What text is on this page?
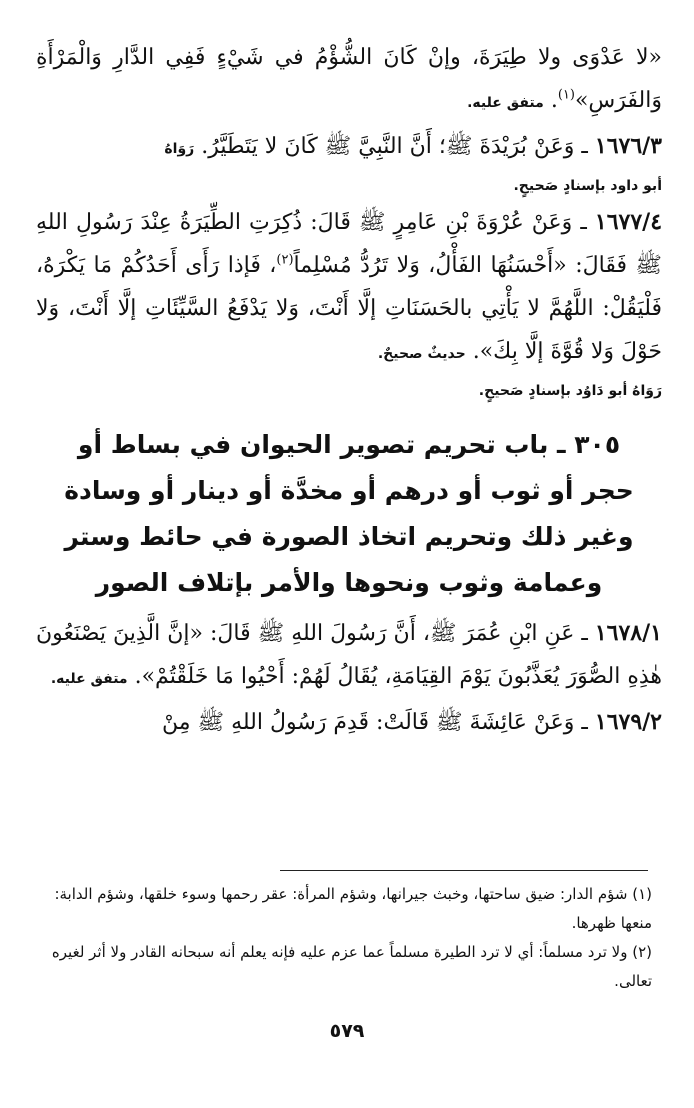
«لا عَدْوَى ولا طِيَرَةَ، وإنْ كَانَ الشُّؤْمُ في شَيْءٍ فَفِي الدَّارِ وَالْمَرْأَةِ وَالفَرَسِ»$^{(١)}$. متفق عليه.

١٦٧٦/٣ ـ وَعَنْ بُرَيْدَةَ ﷺ؛ أَنَّ النَّبِيَّ ﷺ كَانَ لا يَتَطَيَّرُ. رَوَاهُ

أبو داود بإسنادٍ صَحيحٍ.

١٦٧٧/٤ ـ وَعَنْ عُرْوَةَ بْنِ عَامِرٍ ﷺ قَالَ: ذُكِرَتِ الطِّيَرَةُ عِنْدَ رَسُولِ اللهِ ﷺ فَقَالَ: «أَحْسَنُهَا الفَأْلُ، وَلا تَرُدُّ مُسْلِماً$^{(٢)}$، فَإذا رَأَى أَحَدُكُمْ مَا يَكْرَهُ، فَلْيَقُلْ: اللَّهُمَّ لا يَأْتِي بالحَسَنَاتِ إلَّا أَنْتَ، وَلا يَدْفَعُ السَّيِّئَاتِ إلَّا أَنْتَ، وَلا حَوْلَ وَلا قُوَّةَ إلَّا بِكَ». حديثٌ صحيحٌ.

رَوَاهُ أبو دَاوُد بإسنادٍ صَحيحٍ.

٣٠٥ ـ باب تحريم تصوير الحيوان في بساط أو حجر أو ثوب أو درهم أو مخدَّة أو دينار أو وسادة وغير ذلك وتحريم اتخاذ الصورة في حائط وستر وعمامة وثوب ونحوها والأمر بإتلاف الصور

١٦٧٨/١ ـ عَنِ ابْنِ عُمَرَ ﷺ، أَنَّ رَسُولَ اللهِ ﷺ قَالَ: «إنَّ الَّذِينَ يَصْنَعُونَ هٰذِهِ الصُّوَرَ يُعَذَّبُونَ يَوْمَ القِيَامَةِ، يُقَالُ لَهُمْ: أَحْيُوا مَا خَلَقْتُمْ». متفق عليه.

١٦٧٩/٢ ـ وَعَنْ عَائِشَةَ ﷺ قَالَتْ: قَدِمَ رَسُولُ اللهِ ﷺ مِنْ

(١) شؤم الدار: ضيق ساحتها، وخبث جيرانها، وشؤم المرأة: عقر رحمها وسوء خلقها، وشؤم الدابة: منعها ظهرها.

(٢) ولا ترد مسلماً: أي لا ترد الطيرة مسلماً عما عزم عليه فإنه يعلم أنه سبحانه القادر ولا أثر لغيره تعالى.

٥٧٩
